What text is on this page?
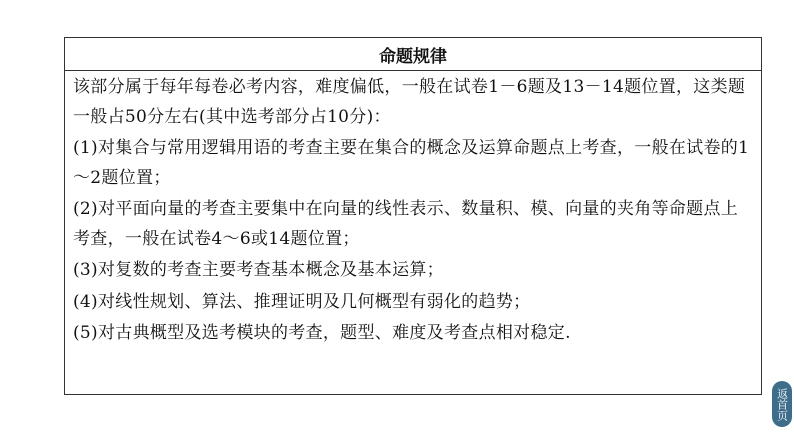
命题规律

该部分属于每年每卷必考内容，难度偏低，一般在试卷1－6题及13－14题位置，这类题一般占50分左右(其中选考部分占10分)：

(1)对集合与常用逻辑用语的考查主要在集合的概念及运算命题点上考查，一般在试卷的1～2题位置；

(2)对平面向量的考查主要集中在向量的线性表示、数量积、模、向量的夹角等命题点上考查，一般在试卷4～6或14题位置；

(3)对复数的考查主要考查基本概念及基本运算；

(4)对线性规划、算法、推理证明及几何概型有弱化的趋势；

(5)对古典概型及选考模块的考查，题型、难度及考查点相对稳定.

返首页
